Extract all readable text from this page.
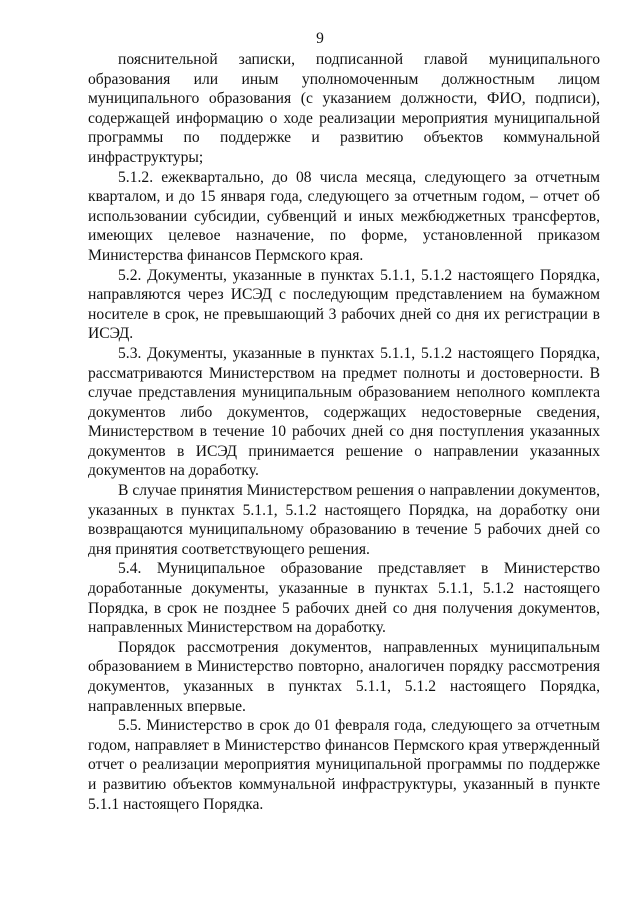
9

пояснительной записки, подписанной главой муниципального образования или иным уполномоченным должностным лицом муниципального образования (с указанием должности, ФИО, подписи), содержащей информацию о ходе реализации мероприятия муниципальной программы по поддержке и развитию объектов коммунальной инфраструктуры;

5.1.2. ежеквартально, до 08 числа месяца, следующего за отчетным кварталом, и до 15 января года, следующего за отчетным годом, – отчет об использовании субсидии, субвенций и иных межбюджетных трансфертов, имеющих целевое назначение, по форме, установленной приказом Министерства финансов Пермского края.

5.2. Документы, указанные в пунктах 5.1.1, 5.1.2 настоящего Порядка, направляются через ИСЭД с последующим представлением на бумажном носителе в срок, не превышающий 3 рабочих дней со дня их регистрации в ИСЭД.

5.3. Документы, указанные в пунктах 5.1.1, 5.1.2 настоящего Порядка, рассматриваются Министерством на предмет полноты и достоверности. В случае представления муниципальным образованием неполного комплекта документов либо документов, содержащих недостоверные сведения, Министерством в течение 10 рабочих дней со дня поступления указанных документов в ИСЭД принимается решение о направлении указанных документов на доработку.

В случае принятия Министерством решения о направлении документов, указанных в пунктах 5.1.1, 5.1.2 настоящего Порядка, на доработку они возвращаются муниципальному образованию в течение 5 рабочих дней со дня принятия соответствующего решения.

5.4. Муниципальное образование представляет в Министерство доработанные документы, указанные в пунктах 5.1.1, 5.1.2 настоящего Порядка, в срок не позднее 5 рабочих дней со дня получения документов, направленных Министерством на доработку.

Порядок рассмотрения документов, направленных муниципальным образованием в Министерство повторно, аналогичен порядку рассмотрения документов, указанных в пунктах 5.1.1, 5.1.2 настоящего Порядка, направленных впервые.

5.5. Министерство в срок до 01 февраля года, следующего за отчетным годом, направляет в Министерство финансов Пермского края утвержденный отчет о реализации мероприятия муниципальной программы по поддержке и развитию объектов коммунальной инфраструктуры, указанный в пункте 5.1.1 настоящего Порядка.
